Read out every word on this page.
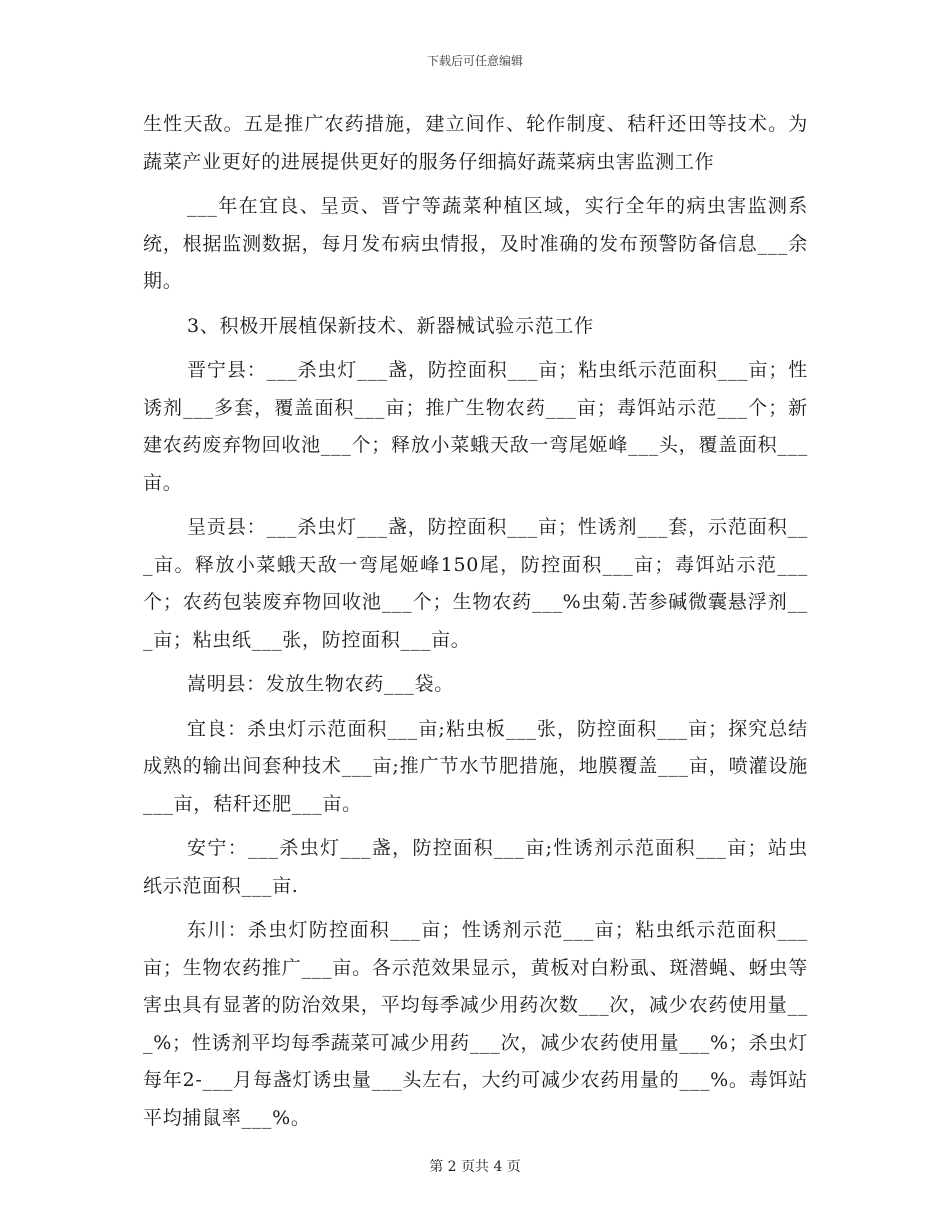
下载后可任意编辑

生性天敌。五是推广农药措施，建立间作、轮作制度、秸秆还田等技术。为蔬菜产业更好的进展提供更好的服务仔细搞好蔬菜病虫害监测工作

___年在宜良、呈贡、晋宁等蔬菜种植区域，实行全年的病虫害监测系统，根据监测数据，每月发布病虫情报，及时准确的发布预警防备信息___余期。

3、积极开展植保新技术、新器械试验示范工作

晋宁县：___杀虫灯___盏，防控面积___亩；粘虫纸示范面积___亩；性诱剂___多套，覆盖面积___亩；推广生物农药___亩；毒饵站示范___个；新建农药废弃物回收池___个；释放小菜蛾天敌一弯尾姬峰___头，覆盖面积___亩。

呈贡县：___杀虫灯___盏，防控面积___亩；性诱剂___套，示范面积___亩。释放小菜蛾天敌一弯尾姬峰150尾，防控面积___亩；毒饵站示范___个；农药包装废弃物回收池___个；生物农药___%虫菊.苦参碱微囊悬浮剂___亩；粘虫纸___张，防控面积___亩。

嵩明县：发放生物农药___袋。

宜良：杀虫灯示范面积___亩;粘虫板___张，防控面积___亩；探究总结成熟的输出间套种技术___亩;推广节水节肥措施，地膜覆盖___亩，喷灌设施___亩，秸秆还肥___亩。

安宁：___杀虫灯___盏，防控面积___亩;性诱剂示范面积___亩；站虫纸示范面积___亩.

东川：杀虫灯防控面积___亩；性诱剂示范___亩；粘虫纸示范面积___亩；生物农药推广___亩。各示范效果显示，黄板对白粉虱、斑潜蝇、蚜虫等害虫具有显著的防治效果，平均每季减少用药次数___次，减少农药使用量___%；性诱剂平均每季蔬菜可减少用药___次，减少农药使用量___%；杀虫灯每年2-___月每盏灯诱虫量___头左右，大约可减少农药用量的___%。毒饵站平均捕鼠率___%。

第 2 页共 4 页
